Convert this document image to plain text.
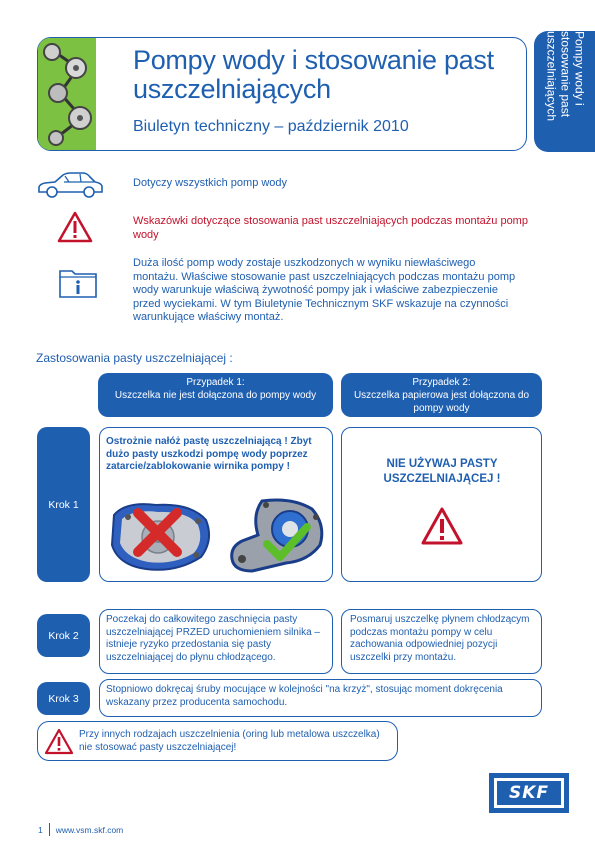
Pompy wody i stosowanie past uszczelniających
Biuletyn techniczny – październik 2010
Pompy wody i stosowanie past uszczelniających
Dotyczy wszystkich pomp wody
Wskazówki dotyczące stosowania past uszczelniających podczas montażu pomp wody
Duża ilość pomp wody zostaje uszkodzonych w wyniku niewłaściwego montażu. Właściwe stosowanie past uszczelniających podczas montażu pomp wody warunkuje właściwą żywotność pompy jak i właściwe zabezpieczenie przed wyciekami. W tym Biuletynie Technicznym SKF wskazuje na czynności warunkujące właściwy montaż.
Zastosowania pasty uszczelniającej :
Przypadek 1:
Uszczelka nie jest dołączona do pompy wody
Przypadek 2:
Uszczelka papierowa jest dołączona do pompy wody
Krok 1
Ostrożnie nałóż pastę uszczelniającą ! Zbyt dużo pasty uszkodzi pompę wody poprzez zatarcie/zablokowanie wirnika pompy !	NIE UŻYWAJ PASTY USZCZELNIAJĄCEJ !
Krok 2
Poczekaj do całkowitego zaschnięcia pasty uszczelniającej PRZED uruchomieniem silnika – istnieje ryzyko przedostania się pasty uszczelniającej do płynu chłodzącego.
Posmaruj uszczelkę płynem chłodzącym podczas montażu pompy w celu zachowania odpowiedniej pozycji uszczelki przy montażu.
Krok 3
Stopniowo dokręcaj śruby mocujące w kolejności "na krzyż", stosując moment dokręcenia wskazany przez producenta samochodu.
Przy innych rodzajach uszczelnienia (oring lub metalowa uszczelka) nie stosować pasty uszczelniającej!
SKF
1 www.vsm.skf.com
